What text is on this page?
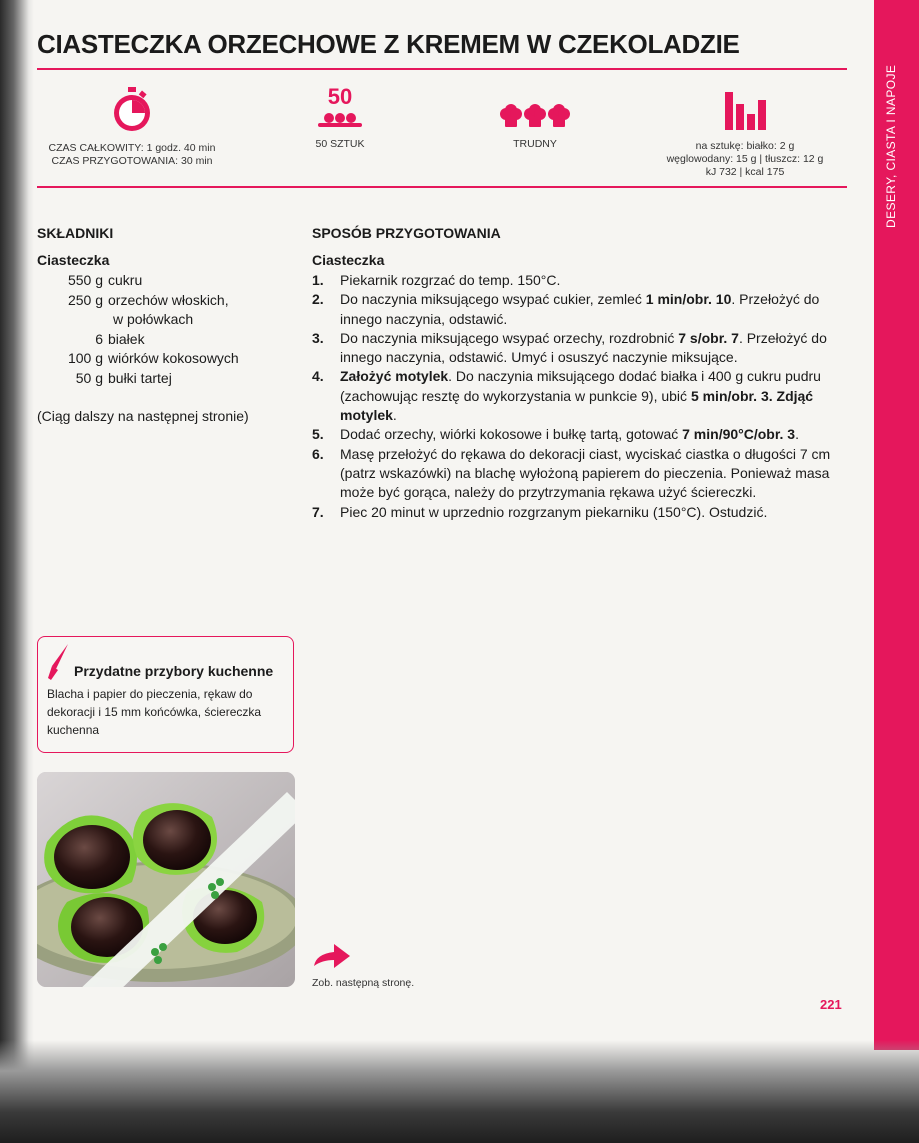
DESERY, CIASTA I NAPOJE
CIASTECZKA ORZECHOWE Z KREMEM W CZEKOLADZIE
CZAS CAŁKOWITY: 1 godz. 40 min
CZAS PRZYGOTOWANIA: 30 min
50
50 SZTUK	TRUDNY	na sztukę: białko: 2 g
węglowodany: 15 g | tłuszcz: 12 g
kJ 732 | kcal 175
SKŁADNIKI
Ciasteczka
550 g cukru
250 g orzechów włoskich,
w połówkach
6 białek
100 g wiórków kokosowych
50 g bułki tartej
(Ciąg dalszy na następnej stronie)
SPOSÓB PRZYGOTOWANIA
Ciasteczka
1.	Piekarnik rozgrzać do temp. 150°C.
2.	Do naczynia miksującego wsypać cukier, zemleć 1 min/obr. 10. Przełożyć do innego naczynia, odstawić.
3.	Do naczynia miksującego wsypać orzechy, rozdrobnić 7 s/obr. 7. Przełożyć do innego naczynia, odstawić. Umyć i osuszyć naczynie miksujące.
4.	Założyć motylek. Do naczynia miksującego dodać białka i 400 g cukru pudru (zachowując resztę do wykorzystania w punkcie 9), ubić 5 min/obr. 3. Zdjąć motylek.
5.	Dodać orzechy, wiórki kokosowe i bułkę tartą, gotować 7 min/90°C/obr. 3.
6.	Masę przełożyć do rękawa do dekoracji ciast, wyciskać ciastka o długości 7 cm (patrz wskazówki) na blachę wyłożoną papierem do pieczenia. Ponieważ masa może być gorąca, należy do przytrzymania rękawa użyć ściereczki.
7.	Piec 20 minut w uprzednio rozgrzanym piekarniku (150°C). Ostudzić.
Przydatne przybory kuchenne
Blacha i papier do pieczenia, rękaw do dekoracji i 15 mm końcówka, ściereczka kuchenna
Zob. następną stronę.
221
